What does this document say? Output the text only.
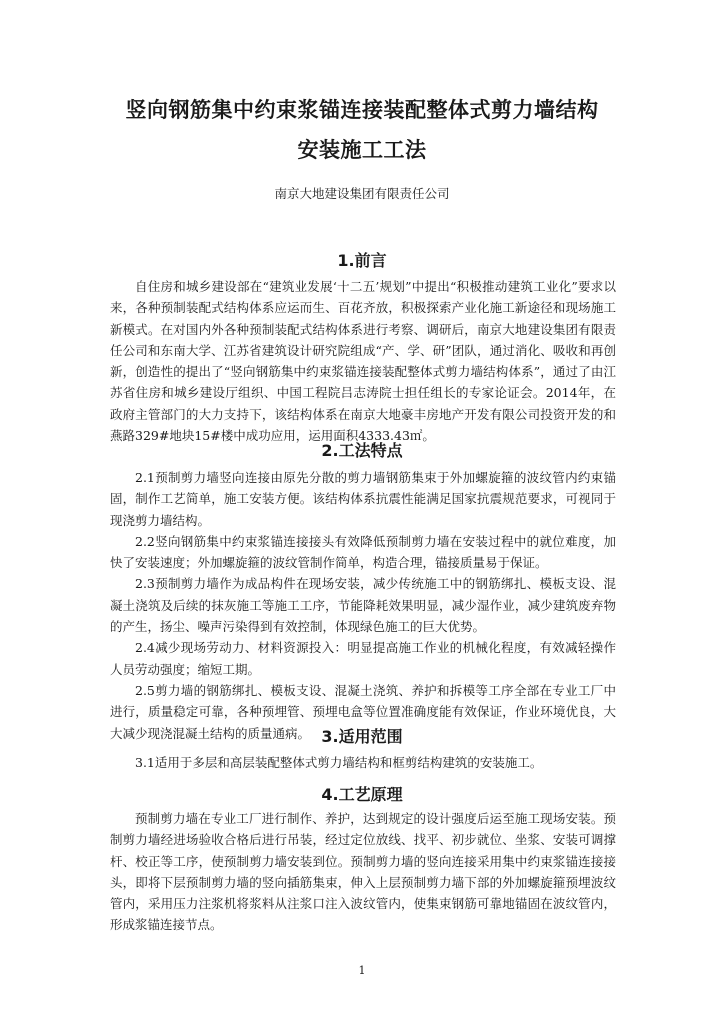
竖向钢筋集中约束浆锚连接装配整体式剪力墙结构
安装施工工法
南京大地建设集团有限责任公司
1.前言

自住房和城乡建设部在“建筑业发展‘十二五’规划”中提出“积极推动建筑工业化”要求以来，各种预制装配式结构体系应运而生、百花齐放，积极探索产业化施工新途径和现场施工新模式。在对国内外各种预制装配式结构体系进行考察、调研后，南京大地建设集团有限责任公司和东南大学、江苏省建筑设计研究院组成“产、学、研”团队，通过消化、吸收和再创新，创造性的提出了“竖向钢筋集中约束浆锚连接装配整体式剪力墙结构体系”，通过了由江苏省住房和城乡建设厅组织、中国工程院吕志涛院士担任组长的专家论证会。2014年，在政府主管部门的大力支持下，该结构体系在南京大地豪丰房地产开发有限公司投资开发的和燕路329#地块15#楼中成功应用，运用面积4333.43㎡。

2.工法特点

2.1预制剪力墙竖向连接由原先分散的剪力墙钢筋集束于外加螺旋箍的波纹管内约束锚固，制作工艺简单，施工安装方便。该结构体系抗震性能满足国家抗震规范要求，可视同于现浇剪力墙结构。

2.2竖向钢筋集中约束浆锚连接接头有效降低预制剪力墙在安装过程中的就位难度，加快了安装速度；外加螺旋箍的波纹管制作简单，构造合理，锚接质量易于保证。

2.3预制剪力墙作为成品构件在现场安装，减少传统施工中的钢筋绑扎、模板支设、混凝土浇筑及后续的抹灰施工等施工工序，节能降耗效果明显，减少湿作业，减少建筑废弃物的产生，扬尘、噪声污染得到有效控制，体现绿色施工的巨大优势。

2.4减少现场劳动力、材料资源投入：明显提高施工作业的机械化程度，有效减轻操作人员劳动强度；缩短工期。

2.5剪力墙的钢筋绑扎、模板支设、混凝土浇筑、养护和拆模等工序全部在专业工厂中进行，质量稳定可靠，各种预埋管、预埋电盒等位置准确度能有效保证，作业环境优良，大大减少现浇混凝土结构的质量通病。 3.适用范围

3.1适用于多层和高层装配整体式剪力墙结构和框剪结构建筑的安装施工。

4.工艺原理

预制剪力墙在专业工厂进行制作、养护，达到规定的设计强度后运至施工现场安装。预制剪力墙经进场验收合格后进行吊装，经过定位放线、找平、初步就位、坐浆、安装可调撑杆、校正等工序，使预制剪力墙安装到位。预制剪力墙的竖向连接采用集中约束浆锚连接接头，即将下层预制剪力墙的竖向插筋集束，伸入上层预制剪力墙下部的外加螺旋箍预埋波纹管内，采用压力注浆机将浆料从注浆口注入波纹管内，使集束钢筋可靠地锚固在波纹管内，形成浆锚连接节点。

1
